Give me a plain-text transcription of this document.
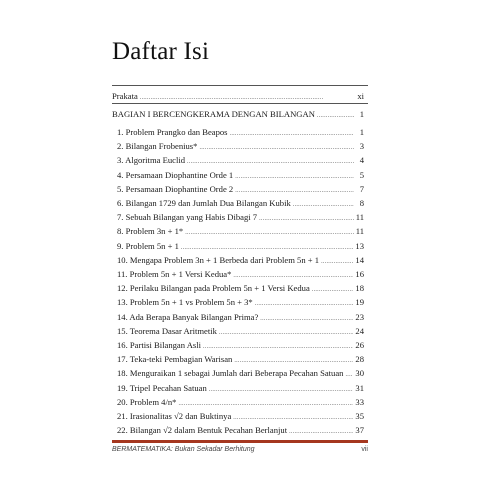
Daftar Isi
Prakata . . .	xi
BAGIAN I BERCENGKERAMA DENGAN BILANGAN . . .	1
1. Problem Prangko dan Beapos . . .	1
2. Bilangan Frobenius* . . .	3
3. Algoritma Euclid . . .	4
4. Persamaan Diophantine Orde 1 . . .	5
5. Persamaan Diophantine Orde 2 . . .	7
6. Bilangan 1729 dan Jumlah Dua Bilangan Kubik . . .	8
7. Sebuah Bilangan yang Habis Dibagi 7 . . .	11
8. Problem 3n + 1* . . .	11
9. Problem 5n + 1 . . .	13
10. Mengapa Problem 3n + 1 Berbeda dari Problem 5n + 1 . . .	14
11. Problem 5n + 1 Versi Kedua* . . .	16
12. Perilaku Bilangan pada Problem 5n + 1 Versi Kedua . . .	18
13. Problem 5n + 1 vs Problem 5n + 3* . . .	19
14. Ada Berapa Banyak Bilangan Prima? . . .	23
15. Teorema Dasar Aritmetik . . .	24
16. Partisi Bilangan Asli . . .	26
17. Teka-teki Pembagian Warisan . . .	28
18. Menguraikan 1 sebagai Jumlah dari Beberapa Pecahan Satuan . . . 30
19. Tripel Pecahan Satuan . . .	31
20. Problem 4/n* . . .	33
21. Irasionalitas √2 dan Buktinya . . .	35
22. Bilangan √2 dalam Bentuk Pecahan Berlanjut . . .	37
BERMATEMATIKA: Bukan Sekadar Berhitung	vii
